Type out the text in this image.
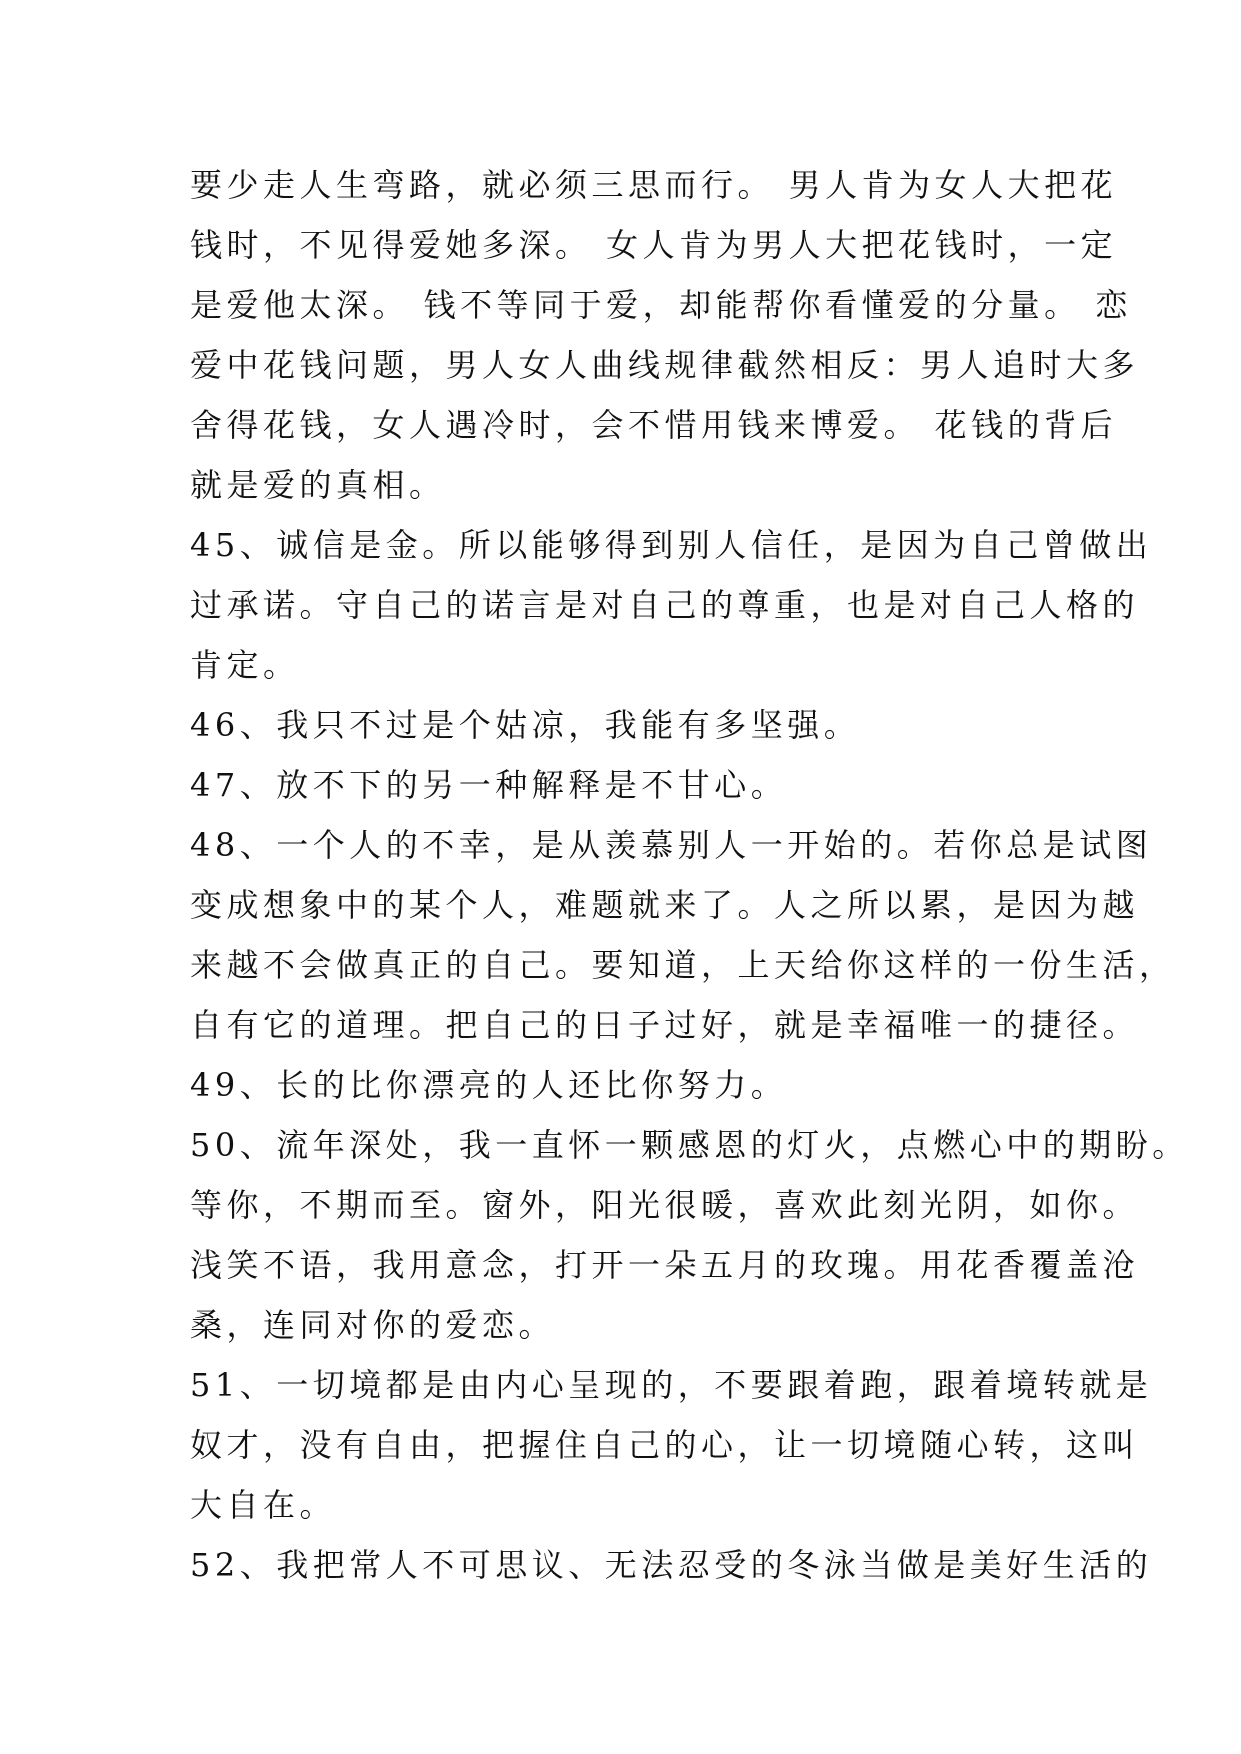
要少走人生弯路，就必须三思而行。 男人肯为女人大把花
钱时，不见得爱她多深。 女人肯为男人大把花钱时，一定
是爱他太深。 钱不等同于爱，却能帮你看懂爱的分量。 恋
爱中花钱问题，男人女人曲线规律截然相反：男人追时大多
舍得花钱，女人遇冷时，会不惜用钱来博爱。 花钱的背后
就是爱的真相。
45、诚信是金。所以能够得到别人信任，是因为自己曾做出
过承诺。守自己的诺言是对自己的尊重，也是对自己人格的
肯定。
46、我只不过是个姑凉，我能有多坚强。
47、放不下的另一种解释是不甘心。
48、一个人的不幸，是从羡慕别人一开始的。若你总是试图
变成想象中的某个人，难题就来了。人之所以累，是因为越
来越不会做真正的自己。要知道，上天给你这样的一份生活，
自有它的道理。把自己的日子过好，就是幸福唯一的捷径。
49、长的比你漂亮的人还比你努力。
50、流年深处，我一直怀一颗感恩的灯火，点燃心中的期盼。
等你，不期而至。窗外，阳光很暖，喜欢此刻光阴，如你。
浅笑不语，我用意念，打开一朵五月的玫瑰。用花香覆盖沧
桑，连同对你的爱恋。
51、一切境都是由内心呈现的，不要跟着跑，跟着境转就是
奴才，没有自由，把握住自己的心，让一切境随心转，这叫
大自在。
52、我把常人不可思议、无法忍受的冬泳当做是美好生活的
